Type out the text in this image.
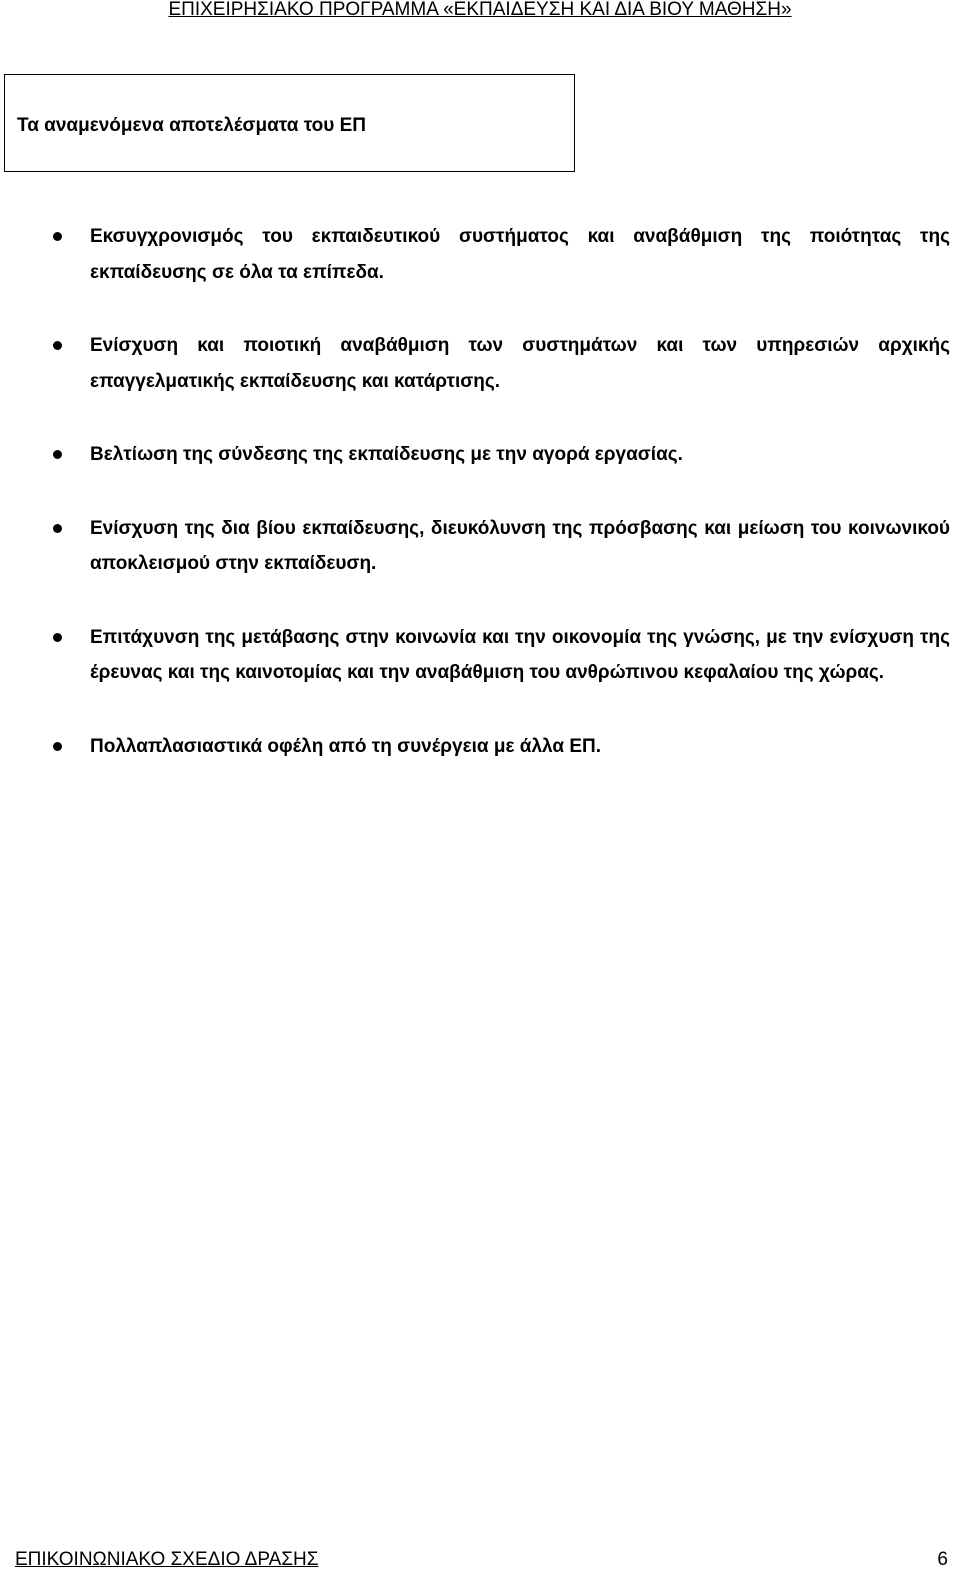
ΕΠΙΧΕΙΡΗΣΙΑΚΟ ΠΡΟΓΡΑΜΜΑ «ΕΚΠΑΙΔΕΥΣΗ ΚΑΙ ΔΙΑ ΒΙΟΥ ΜΑΘΗΣΗ»
Τα αναμενόμενα αποτελέσματα του ΕΠ
Εκσυγχρονισμός του εκπαιδευτικού συστήματος και αναβάθμιση της ποιότητας της εκπαίδευσης σε όλα τα επίπεδα.
Ενίσχυση και ποιοτική αναβάθμιση των συστημάτων και των υπηρεσιών αρχικής επαγγελματικής εκπαίδευσης και κατάρτισης.
Βελτίωση της σύνδεσης της εκπαίδευσης με την αγορά εργασίας.
Ενίσχυση της δια βίου εκπαίδευσης, διευκόλυνση της πρόσβασης και μείωση του κοινωνικού αποκλεισμού στην εκπαίδευση.
Επιτάχυνση της μετάβασης στην κοινωνία και την οικονομία της γνώσης, με την ενίσχυση της έρευνας και της καινοτομίας και την αναβάθμιση του ανθρώπινου κεφαλαίου της χώρας.
Πολλαπλασιαστικά οφέλη από τη συνέργεια με άλλα ΕΠ.
ΕΠΙΚΟΙΝΩΝΙΑΚΟ ΣΧΕΔΙΟ ΔΡΑΣΗΣ	6
